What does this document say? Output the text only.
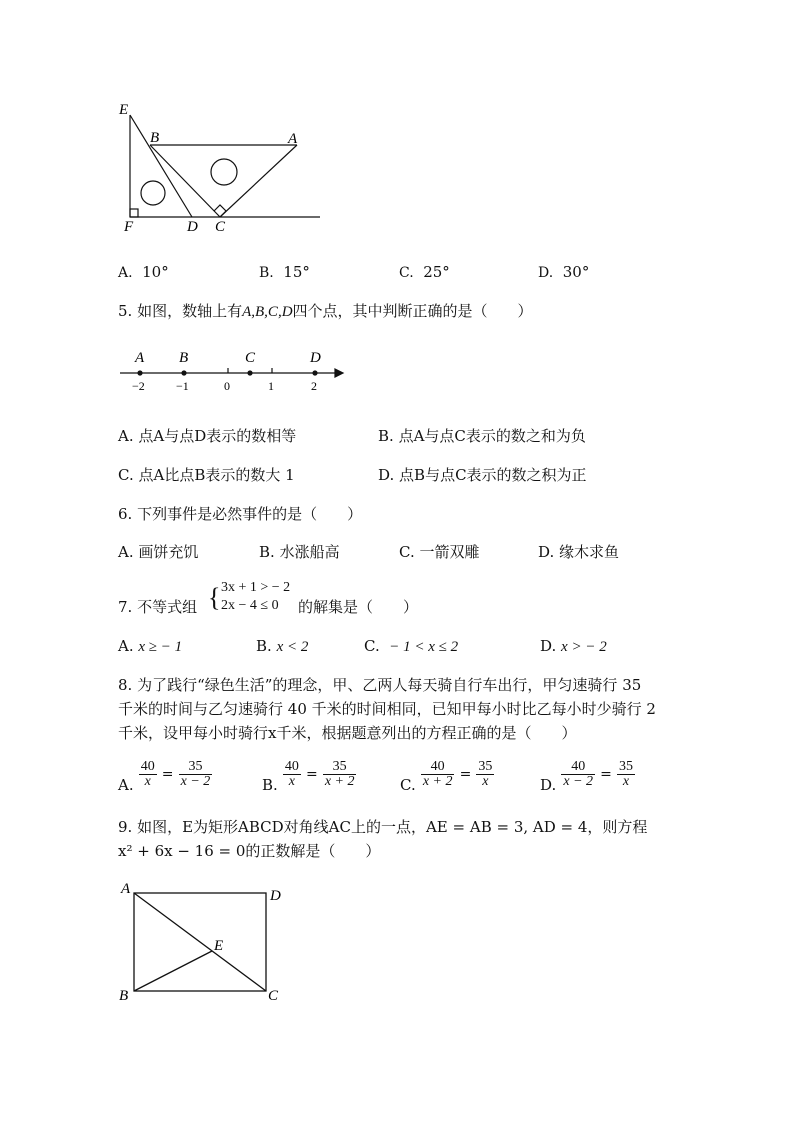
E
B	A
F	D C
A. 10°	B. 15°	C. 25°	D. 30°
5. 如图，数轴上有A,B,C,D四个点，其中判断正确的是（　　）
A B	C	D
−2	−1	0	1	2
A. 点A与点D表示的数相等	B. 点A与点C表示的数之和为负
C. 点A比点B表示的数大 1	D. 点B与点C表示的数之积为正
6. 下列事件是必然事件的是（　　）
A. 画饼充饥	B. 水涨船高	C. 一箭双雕	D. 缘木求鱼
7. 不等式组 { 3x + 1 > − 2
2x − 4 ≤ 0	的解集是（　　）
A. x ≥ − 1	B. x < 2	C. − 1 < x ≤ 2	D. x > − 2
8. 为了践行“绿色生活”的理念，甲、乙两人每天骑自行车出行，甲匀速骑行 35
千米的时间与乙匀速骑行 40 千米的时间相同，已知甲每小时比乙每小时少骑行 2
千米，设甲每小时骑行x千米，根据题意列出的方程正确的是（　　）
A. $\frac{40}{x} = \frac{35}{x - 2}$	B. $\frac{40}{x} = \frac{35}{x + 2}$	C. $\frac{40}{x + 2} = \frac{35}{x}$	D. $\frac{40}{x - 2} = \frac{35}{x}$
9. 如图，E为矩形ABCD对角线AC上的一点，AE = AB = 3, AD = 4，则方程
x² + 6x − 16 = 0的正数解是（　　）
A	D
E
B	C
